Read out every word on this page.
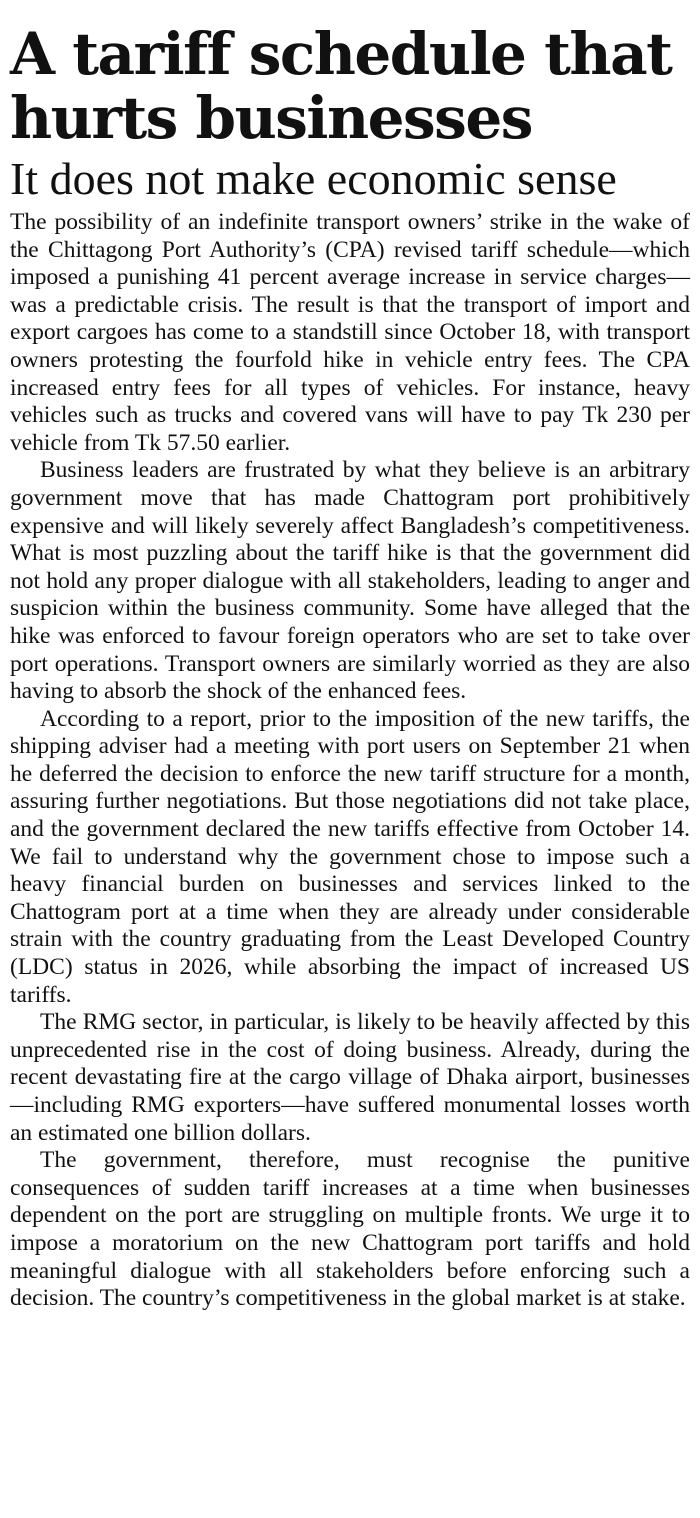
A tariff schedule that hurts businesses
It does not make economic sense

The possibility of an indefinite transport owners’ strike in the wake of the Chittagong Port Authority’s (CPA) revised tariff schedule—which imposed a punishing 41 percent average increase in service charges—was a predictable crisis. The result is that the transport of import and export cargoes has come to a standstill since October 18, with transport owners protesting the fourfold hike in vehicle entry fees. The CPA increased entry fees for all types of vehicles. For instance, heavy vehicles such as trucks and covered vans will have to pay Tk 230 per vehicle from Tk 57.50 earlier.

Business leaders are frustrated by what they believe is an arbitrary government move that has made Chattogram port prohibitively expensive and will likely severely affect Bangladesh’s competitiveness. What is most puzzling about the tariff hike is that the government did not hold any proper dialogue with all stakeholders, leading to anger and suspicion within the business community. Some have alleged that the hike was enforced to favour foreign operators who are set to take over port operations. Transport owners are similarly worried as they are also having to absorb the shock of the enhanced fees.

According to a report, prior to the imposition of the new tariffs, the shipping adviser had a meeting with port users on September 21 when he deferred the decision to enforce the new tariff structure for a month, assuring further negotiations. But those negotiations did not take place, and the government declared the new tariffs effective from October 14. We fail to understand why the government chose to impose such a heavy financial burden on businesses and services linked to the Chattogram port at a time when they are already under considerable strain with the country graduating from the Least Developed Country (LDC) status in 2026, while absorbing the impact of increased US tariffs.

The RMG sector, in particular, is likely to be heavily affected by this unprecedented rise in the cost of doing business. Already, during the recent devastating fire at the cargo village of Dhaka airport, businesses—including RMG exporters—have suffered monumental losses worth an estimated one billion dollars.

The government, therefore, must recognise the punitive consequences of sudden tariff increases at a time when businesses dependent on the port are struggling on multiple fronts. We urge it to impose a moratorium on the new Chattogram port tariffs and hold meaningful dialogue with all stakeholders before enforcing such a decision. The country’s competitiveness in the global market is at stake.
